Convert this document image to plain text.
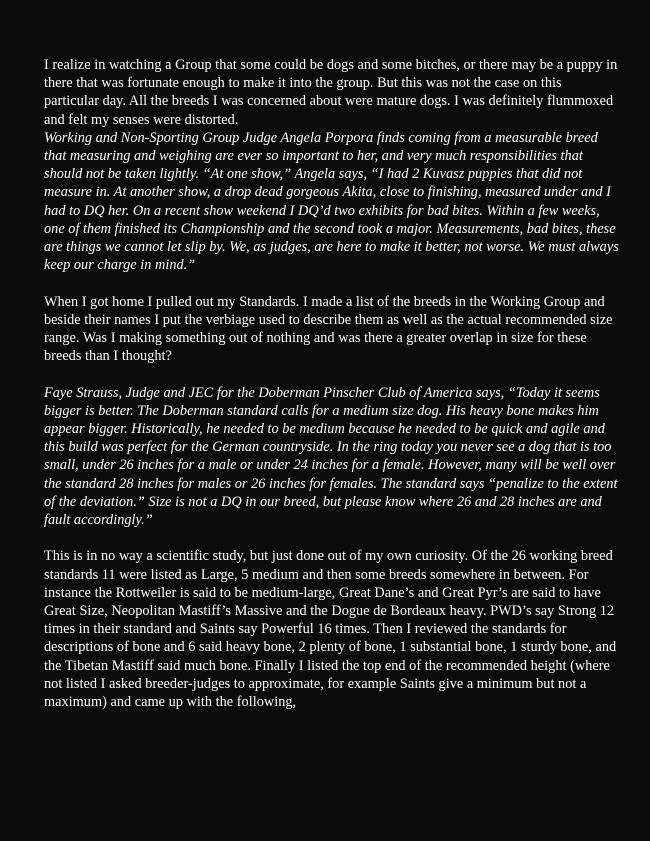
I realize in watching a Group that some could be dogs and some bitches, or there may be a puppy in there that was fortunate enough to make it into the group. But this was not the case on this particular day. All the breeds I was concerned about were mature dogs. I was definitely flummoxed and felt my senses were distorted.

Working and Non-Sporting Group Judge Angela Porpora finds coming from a measurable breed that measuring and weighing are ever so important to her, and very much responsibilities that should not be taken lightly. “At one show,” Angela says, “I had 2 Kuvasz puppies that did not measure in. At another show, a drop dead gorgeous Akita, close to finishing, measured under and I had to DQ her. On a recent show weekend I DQ’d two exhibits for bad bites. Within a few weeks, one of them finished its Championship and the second took a major. Measurements, bad bites, these are things we cannot let slip by. We, as judges, are here to make it better, not worse. We must always keep our charge in mind.”

When I got home I pulled out my Standards. I made a list of the breeds in the Working Group and beside their names I put the verbiage used to describe them as well as the actual recommended size range. Was I making something out of nothing and was there a greater overlap in size for these breeds than I thought?

Faye Strauss, Judge and JEC for the Doberman Pinscher Club of America says, “Today it seems bigger is better. The Doberman standard calls for a medium size dog. His heavy bone makes him appear bigger. Historically, he needed to be medium because he needed to be quick and agile and this build was perfect for the German countryside. In the ring today you never see a dog that is too small, under 26 inches for a male or under 24 inches for a female. However, many will be well over the standard 28 inches for males or 26 inches for females. The standard says “penalize to the extent of the deviation.” Size is not a DQ in our breed, but please know where 26 and 28 inches are and fault accordingly.”

This is in no way a scientific study, but just done out of my own curiosity. Of the 26 working breed standards 11 were listed as Large, 5 medium and then some breeds somewhere in between. For instance the Rottweiler is said to be medium-large, Great Dane’s and Great Pyr’s are said to have Great Size, Neopolitan Mastiff’s Massive and the Dogue de Bordeaux heavy. PWD’s say Strong 12 times in their standard and Saints say Powerful 16 times. Then I reviewed the standards for descriptions of bone and 6 said heavy bone, 2 plenty of bone, 1 substantial bone, 1 sturdy bone, and the Tibetan Mastiff said much bone. Finally I listed the top end of the recommended height (where not listed I asked breeder-judges to approximate, for example Saints give a minimum but not a maximum) and came up with the following,
